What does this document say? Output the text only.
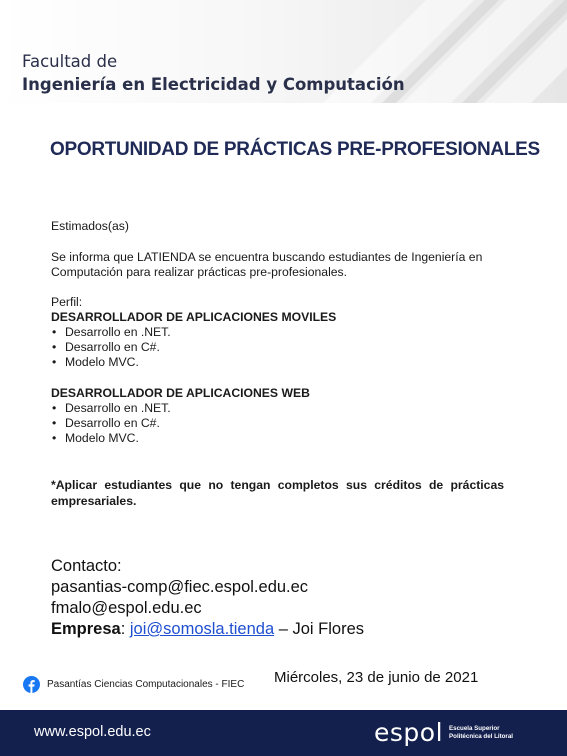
Facultad de
Ingeniería en Electricidad y Computación
OPORTUNIDAD DE PRÁCTICAS PRE-PROFESIONALES
Estimados(as)
Se informa que LATIENDA se encuentra buscando estudiantes de Ingeniería en Computación para realizar prácticas pre-profesionales.
Perfil:
DESARROLLADOR DE APLICACIONES MOVILES
• Desarrollo en .NET.
• Desarrollo en C#.
• Modelo MVC.
DESARROLLADOR DE APLICACIONES WEB
• Desarrollo en .NET.
• Desarrollo en C#.
• Modelo MVC.
*Aplicar estudiantes que no tengan completos sus créditos de prácticas empresariales.
Contacto:
pasantias-comp@fiec.espol.edu.ec
fmalo@espol.edu.ec
Empresa: joi@somosla.tienda – Joi Flores
Pasantías Ciencias Computacionales - FIEC Miércoles, 23 de junio de 2021
www.espol.edu.ec	espol Escuela Superior
Politécnica del Litoral
